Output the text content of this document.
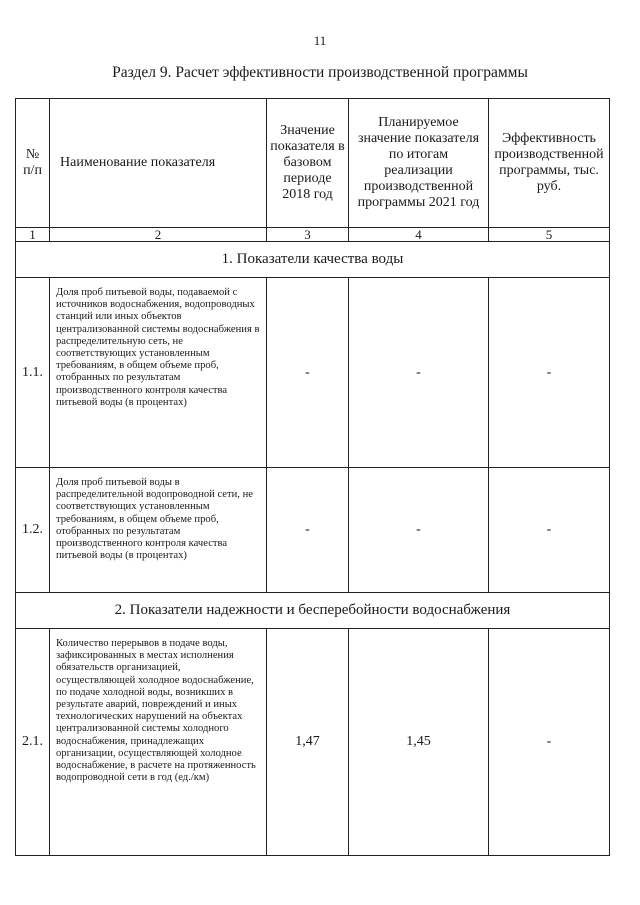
11
Раздел 9. Расчет эффективности производственной программы
№
п/п	Наименование показателя	Значение показателя в базовом периоде 2018 год	Планируемое значение показателя по итогам реализации производственной программы 2021 год	Эффективность производственной программы, тыс. руб.
1	2	3	4	5
1. Показатели качества воды				
1.1.	Доля проб питьевой воды, подаваемой с источников водоснабжения, водопроводных станций или иных объектов централизованной системы водоснабжения в распределительную сеть, не соответствующих установленным требованиям, в общем объеме проб, отобранных по результатам производственного контроля качества питьевой воды (в процентах)	-	-	-
1.2.	Доля проб питьевой воды в распределительной водопроводной сети, не соответствующих установленным требованиям, в общем объеме проб, отобранных по результатам производственного контроля качества питьевой воды (в процентах)	-	-	-
2. Показатели надежности и бесперебойности водоснабжения				
2.1.	Количество перерывов в подаче воды, зафиксированных в местах исполнения обязательств организацией, осуществляющей холодное водоснабжение, по подаче холодной воды, возникших в результате аварий, повреждений и иных технологических нарушений на объектах централизованной системы холодного водоснабжения, принадлежащих организации, осуществляющей холодное водоснабжение, в расчете на протяженность водопроводной сети в год (ед./км)	1,47	1,45	-
